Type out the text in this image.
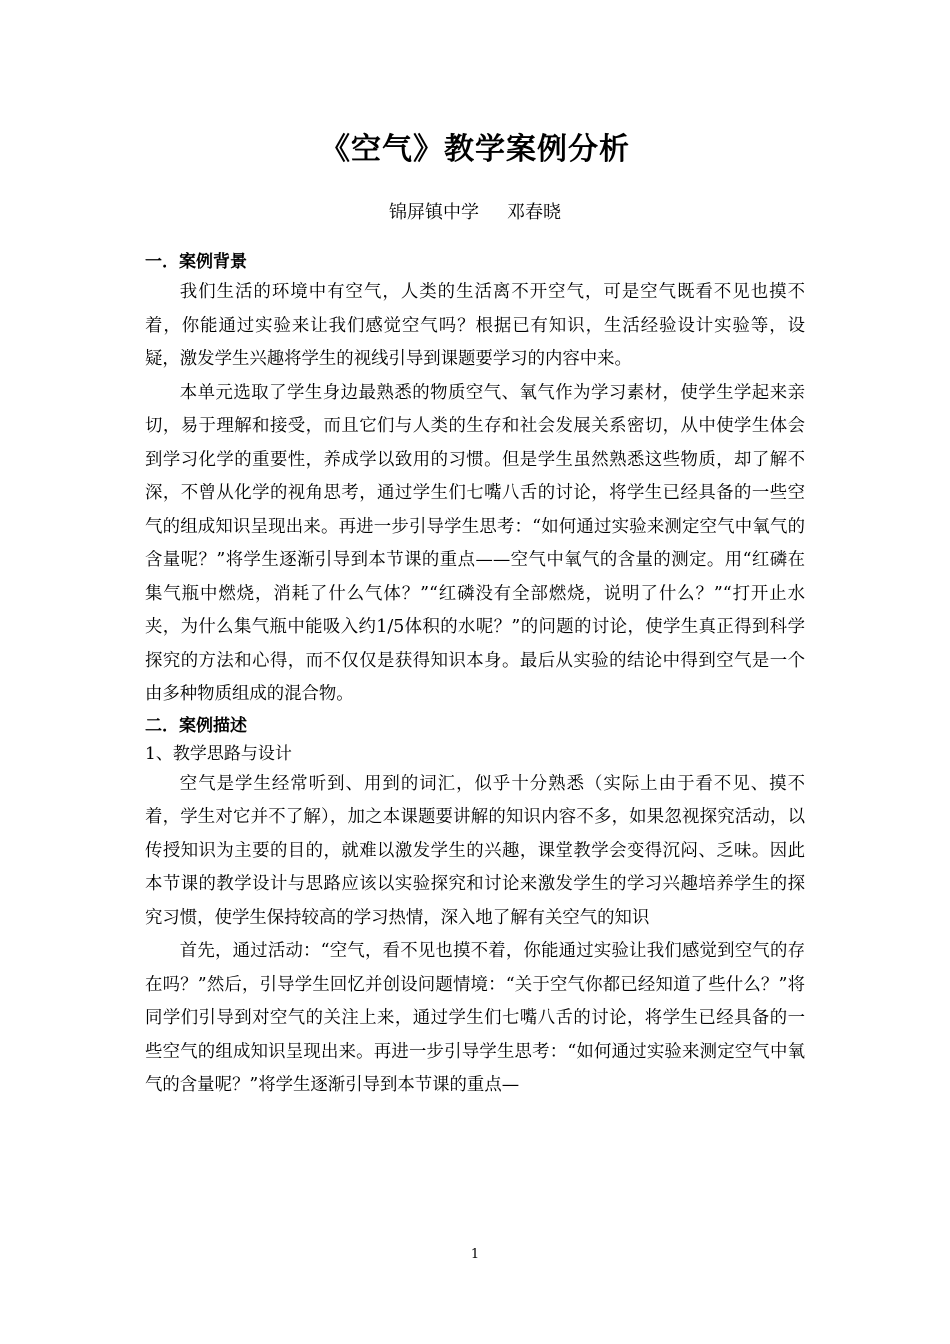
《空气》教学案例分析
锦屏镇中学 邓春晓
一．案例背景

我们生活的环境中有空气，人类的生活离不开空气，可是空气既看不见也摸不着，你能通过实验来让我们感觉空气吗？根据已有知识，生活经验设计实验等，设疑，激发学生兴趣将学生的视线引导到课题要学习的内容中来。

本单元选取了学生身边最熟悉的物质空气、氧气作为学习素材，使学生学起来亲切，易于理解和接受，而且它们与人类的生存和社会发展关系密切，从中使学生体会到学习化学的重要性，养成学以致用的习惯。但是学生虽然熟悉这些物质，却了解不深，不曾从化学的视角思考，通过学生们七嘴八舌的讨论，将学生已经具备的一些空气的组成知识呈现出来。再进一步引导学生思考：“如何通过实验来测定空气中氧气的含量呢？”将学生逐渐引导到本节课的重点——空气中氧气的含量的测定。用“红磷在集气瓶中燃烧，消耗了什么气体？”“红磷没有全部燃烧，说明了什么？”“打开止水夹，为什么集气瓶中能吸入约1/5体积的水呢？”的问题的讨论，使学生真正得到科学探究的方法和心得，而不仅仅是获得知识本身。最后从实验的结论中得到空气是一个由多种物质组成的混合物。

二．案例描述
1、教学思路与设计

空气是学生经常听到、用到的词汇，似乎十分熟悉（实际上由于看不见、摸不着，学生对它并不了解），加之本课题要讲解的知识内容不多，如果忽视探究活动，以传授知识为主要的目的，就难以激发学生的兴趣，课堂教学会变得沉闷、乏味。因此本节课的教学设计与思路应该以实验探究和讨论来激发学生的学习兴趣培养学生的探究习惯，使学生保持较高的学习热情，深入地了解有关空气的知识

首先，通过活动：“空气，看不见也摸不着，你能通过实验让我们感觉到空气的存在吗？”然后，引导学生回忆并创设问题情境：“关于空气你都已经知道了些什么？”将同学们引导到对空气的关注上来，通过学生们七嘴八舌的讨论，将学生已经具备的一些空气的组成知识呈现出来。再进一步引导学生思考：“如何通过实验来测定空气中氧气的含量呢？”将学生逐渐引导到本节课的重点—

1
